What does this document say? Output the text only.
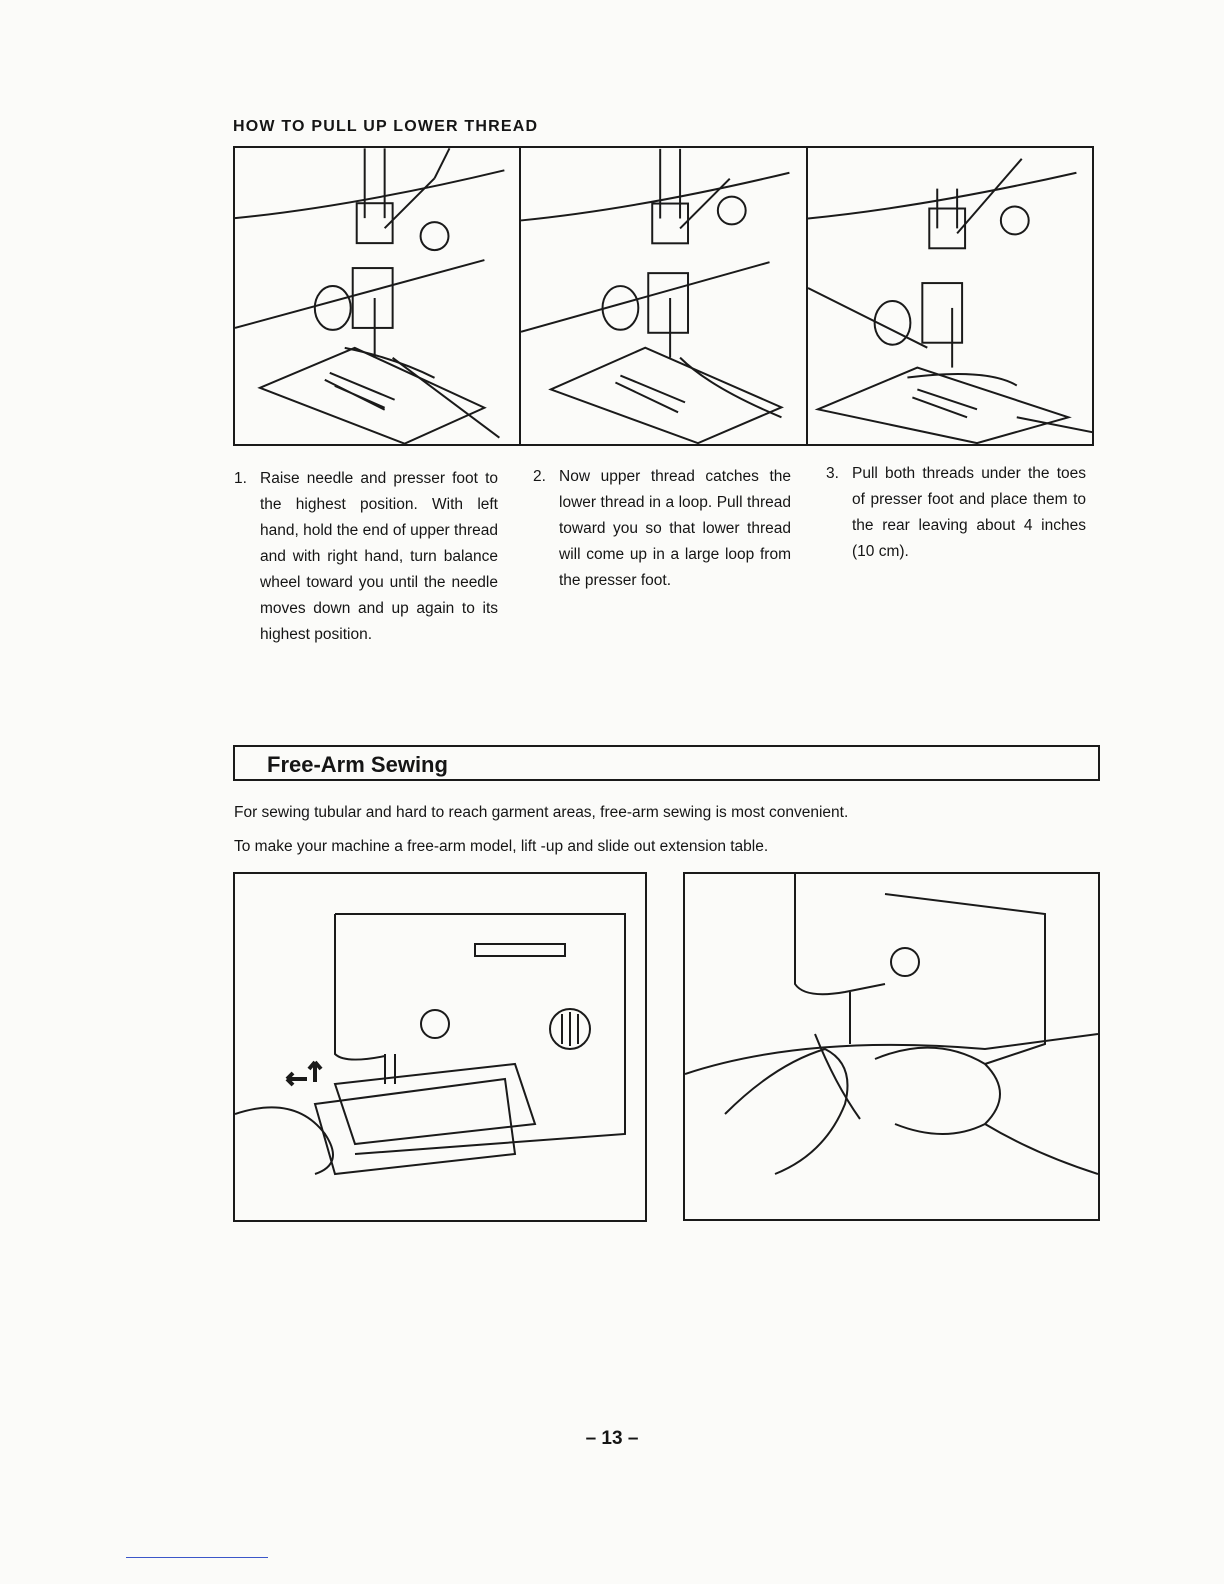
HOW TO PULL UP LOWER THREAD
1. Raise needle and presser foot to the highest position. With left hand, hold the end of upper thread and with right hand, turn balance wheel toward you until the needle moves down and up again to its highest position.
2. Now upper thread catches the lower thread in a loop. Pull thread toward you so that lower thread will come up in a large loop from the presser foot.
3. Pull both threads under the toes of presser foot and place them to the rear leaving about 4 inches (10 cm).
Free-Arm Sewing

For sewing tubular and hard to reach garment areas, free-arm sewing is most convenient.

To make your machine a free-arm model, lift -up and slide out extension table.

– 13 –
